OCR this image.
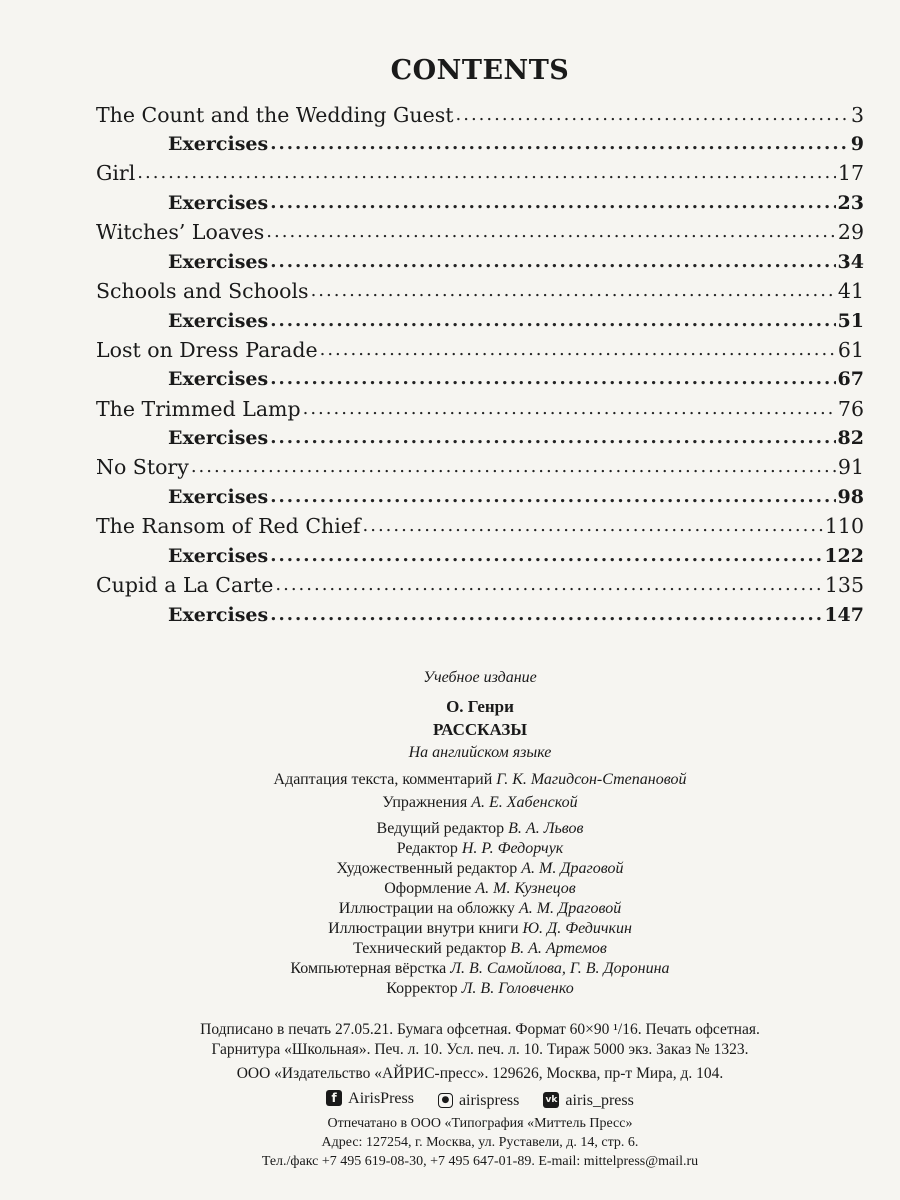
CONTENTS
The Count and the Wedding Guest .....	3
Exercises .....	9
Girl .....	17
Exercises .....	23
Witches’ Loaves .....	29
Exercises .....	34
Schools and Schools .....	41
Exercises .....	51
Lost on Dress Parade .....	61
Exercises .....	67
The Trimmed Lamp .....	76
Exercises .....	82
No Story .....	91
Exercises .....	98
The Ransom of Red Chief .....	110
Exercises .....	122
Cupid a La Carte .....	135
Exercises .....	147
Учебное издание
О. Генри
РАССКАЗЫ
На английском языке
Адаптация текста, комментарий Г. К. Магидсон-Степановой
Упражнения А. Е. Хабенской
Ведущий редактор В. А. Львов
Редактор Н. Р. Федорчук
Художественный редактор А. М. Драговой
Оформление А. М. Кузнецов
Иллюстрации на обложку А. М. Драговой
Иллюстрации внутри книги Ю. Д. Федичкин
Технический редактор В. А. Артемов
Компьютерная вёрстка Л. В. Самойлова, Г. В. Доронина
Корректор Л. В. Головченко
Подписано в печать 27.05.21. Бумага офсетная. Формат 60×90 ¹/16. Печать офсетная.
Гарнитура «Школьная». Печ. л. 10. Усл. печ. л. 10. Тираж 5000 экз. Заказ № 1323.
ООО «Издательство «АЙРИС-пресс». 129626, Москва, пр-т Мира, д. 104.
f AirisPress
	● airispress
	vk airis_press
Отпечатано в ООО «Типография «Миттель Пресс»
Адрес: 127254, г. Москва, ул. Руставели, д. 14, стр. 6.
Тел./факс +7 495 619-08-30, +7 495 647-01-89. E-mail: mittelpress@mail.ru
